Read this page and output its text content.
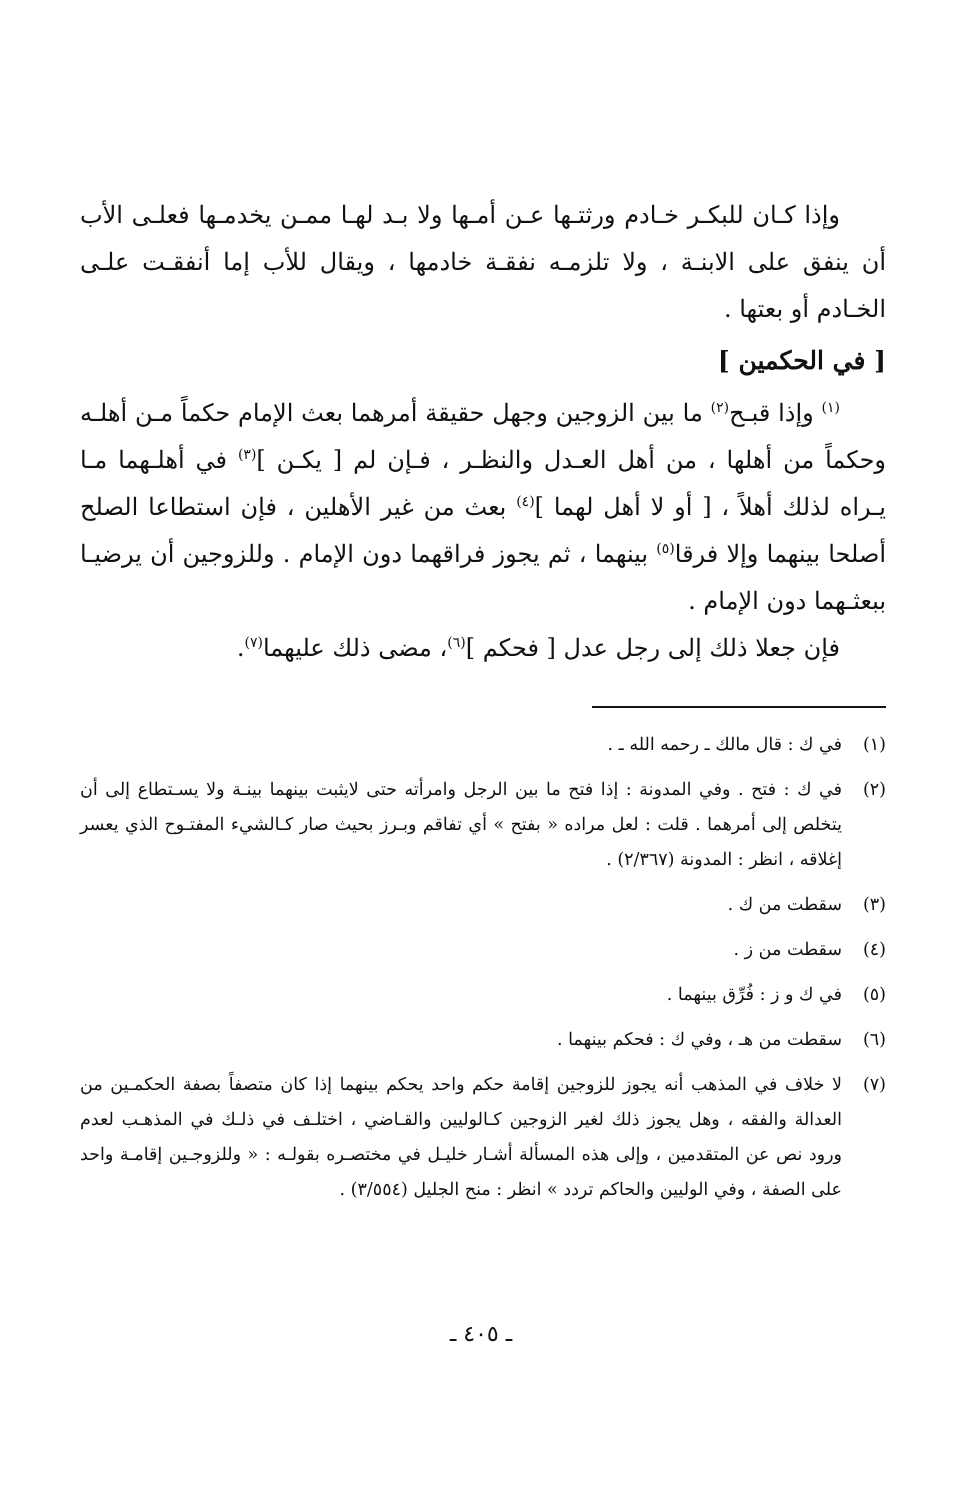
وإذا كـان للبكـر خـادم ورثتـها عـن أمـها ولا بـد لهـا ممـن يخدمـها فعلـى الأب أن ينفق على الابنـة ، ولا تلزمـه نفقـة خادمها ، ويقال للأب إما أنفقـت علـى الخـادم أو بعتها .

[ في الحكمين ]

$^{(١)}$ وإذا قبـح$^{(٢)}$ ما بين الزوجين وجهل حقيقة أمرهما بعث الإمام حكماً مـن أهلـه وحكماً من أهلها ، من أهل العـدل والنظـر ، فـإن لم [ يكـن ]$^{(٣)}$ في أهلـهما مـا يـراه لذلك أهلاً ، [ أو لا أهل لهما ]$^{(٤)}$ بعث من غير الأهلين ، فإن استطاعا الصلح أصلحا بينهما وإلا فرقا$^{(٥)}$ بينهما ، ثم يجوز فراقهما دون الإمام . وللزوجين أن يرضيـا ببعثـهما دون الإمام .

فإن جعلا ذلك إلى رجل عدل [ فحكم ]$^{(٦)}$، مضى ذلك عليهما$^{(٧)}$.

(١)
في ك : قال مالك ـ رحمه الله ـ .
(٢)
في ك : فتح . وفي المدونة : إذا فتح ما بين الرجل وامرأته حتى لايثبت بينهما بينـة ولا يسـتطاع إلى أن يتخلص إلى أمرهما . قلت : لعل مراده « بفتح » أي تفاقم وبـرز بحيث صار كـالشيء المفتـوح الذي يعسر إغلاقه ، انظر : المدونة (٢/٣٦٧) .
(٣)
سقطت من ك .
(٤)
سقطت من ز .
(٥)
في ك و ز : فُرِّق بينهما .
(٦)
سقطت من هـ ، وفي ك : فحكم بينهما .
(٧)
لا خلاف في المذهب أنه يجوز للزوجين إقامة حكم واحد يحكم بينهما إذا كان متصفاً بصفة الحكمـين من العدالة والفقه ، وهل يجوز ذلك لغير الزوجين كـالوليين والقـاضي ، اختلـف في ذلـك في المذهـب لعدم ورود نص عن المتقدمين ، وإلى هذه المسألة أشـار خليـل في مختصـره بقولـه : « وللزوجـين إقامـة واحد على الصفة ، وفي الوليين والحاكم تردد » انظر : منح الجليل (٣/٥٥٤) .
ـ ٤٠٥ ـ
